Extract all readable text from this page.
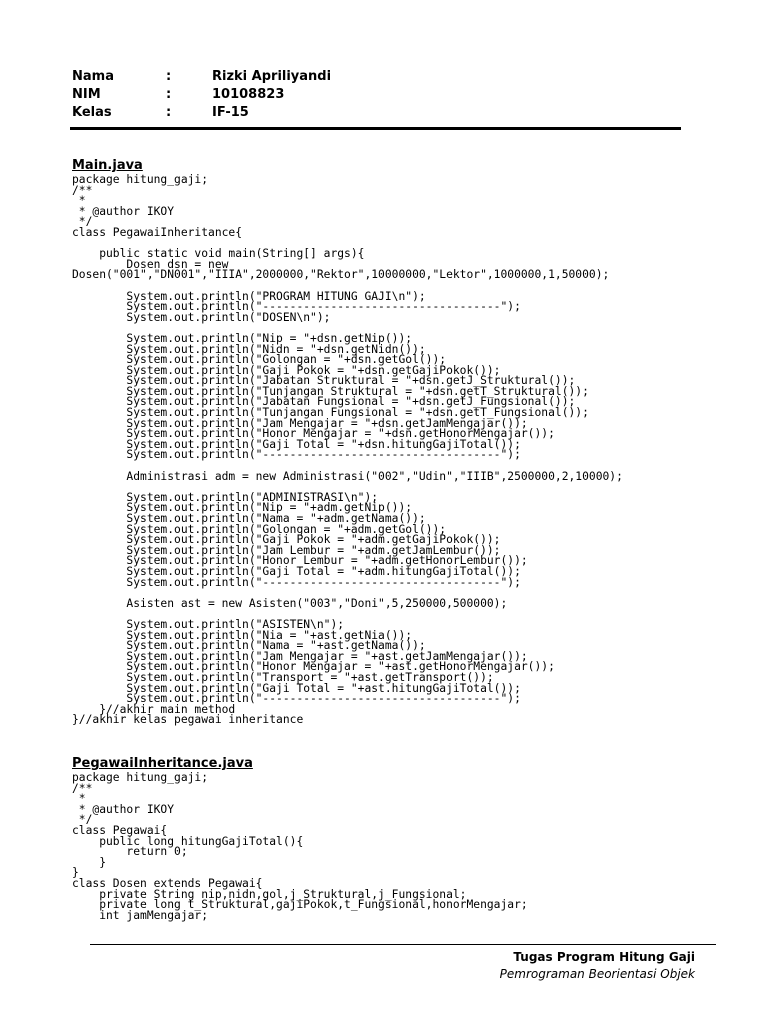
Nama	:	Rizki Apriliyandi
NIM	:	10108823
Kelas	:	IF-15
Main.java
package hitung_gaji;
/**
*
* @author IKOY
*/
class PegawaiInheritance{

public static void main(String[] args){
Dosen dsn = new
Dosen("001","DN001","IIIA",2000000,"Rektor",10000000,"Lektor",1000000,1,50000);

System.out.println("PROGRAM HITUNG GAJI\n");
System.out.println("-----------------------------------");
System.out.println("DOSEN\n");

System.out.println("Nip = "+dsn.getNip());
System.out.println("Nidn = "+dsn.getNidn());
System.out.println("Golongan = "+dsn.getGol());
System.out.println("Gaji Pokok = "+dsn.getGajiPokok());
System.out.println("Jabatan Struktural = "+dsn.getJ_Struktural());
System.out.println("Tunjangan Struktural = "+dsn.getT_Struktural());
System.out.println("Jabatan Fungsional = "+dsn.getJ_Fungsional());
System.out.println("Tunjangan Fungsional = "+dsn.getT_Fungsional());
System.out.println("Jam Mengajar = "+dsn.getJamMengajar());
System.out.println("Honor Mengajar = "+dsn.getHonorMengajar());
System.out.println("Gaji Total = "+dsn.hitungGajiTotal());
System.out.println("-----------------------------------");

Administrasi adm = new Administrasi("002","Udin","IIIB",2500000,2,10000);

System.out.println("ADMINISTRASI\n");
System.out.println("Nip = "+adm.getNip());
System.out.println("Nama = "+adm.getNama());
System.out.println("Golongan = "+adm.getGol());
System.out.println("Gaji Pokok = "+adm.getGajiPokok());
System.out.println("Jam Lembur = "+adm.getJamLembur());
System.out.println("Honor Lembur = "+adm.getHonorLembur());
System.out.println("Gaji Total = "+adm.hitungGajiTotal());
System.out.println("-----------------------------------");

Asisten ast = new Asisten("003","Doni",5,250000,500000);

System.out.println("ASISTEN\n");
System.out.println("Nia = "+ast.getNia());
System.out.println("Nama = "+ast.getNama());
System.out.println("Jam Mengajar = "+ast.getJamMengajar());
System.out.println("Honor Mengajar = "+ast.getHonorMengajar());
System.out.println("Transport = "+ast.getTransport());
System.out.println("Gaji Total = "+ast.hitungGajiTotal());
System.out.println("-----------------------------------");
}//akhir main method
}//akhir kelas pegawai inheritance
PegawaiInheritance.java
package hitung_gaji;
/**
*
* @author IKOY
*/
class Pegawai{
public long hitungGajiTotal(){
return 0;
}
}
class Dosen extends Pegawai{
private String nip,nidn,gol,j_Struktural,j_Fungsional;
private long t_Struktural,gajiPokok,t_Fungsional,honorMengajar;
int jamMengajar;
Tugas Program Hitung Gaji
Pemrograman Beorientasi Objek
